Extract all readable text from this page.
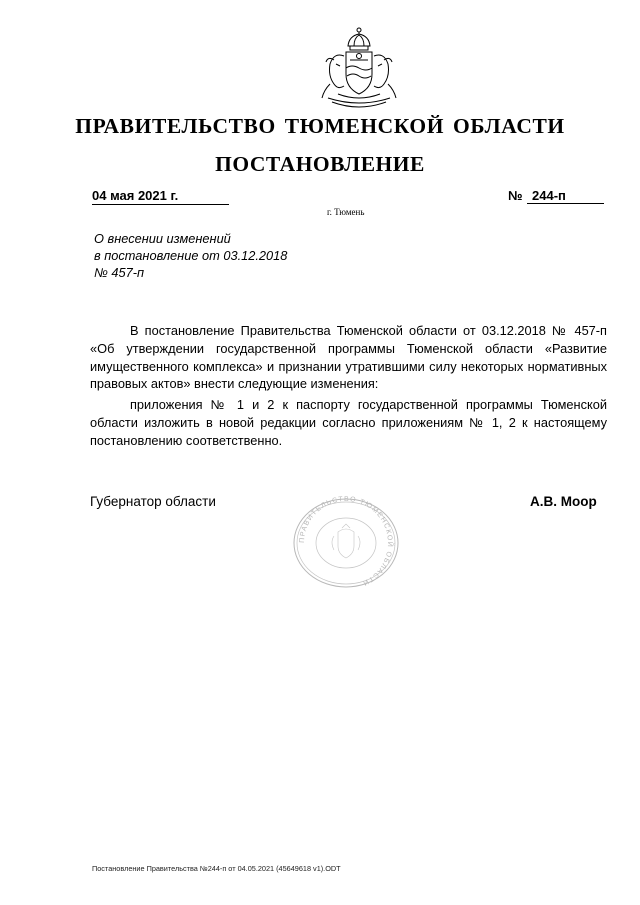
ПРАВИТЕЛЬСТВО ТЮМЕНСКОЙ ОБЛАСТИ
ПОСТАНОВЛЕНИЕ
04 мая 2021 г.	№ 244-п
г. Тюмень
О внесении изменений
в постановление от 03.12.2018
№ 457-п
В постановление Правительства Тюменской области от 03.12.2018 № 457-п «Об утверждении государственной программы Тюменской области «Развитие имущественного комплекса» и признании утратившими силу некоторых нормативных правовых актов» внести следующие изменения:
приложения № 1 и 2 к паспорту государственной программы Тюменской области изложить в новой редакции согласно приложениям № 1, 2 к настоящему постановлению соответственно.
Губернатор области	А.В. Моор
ПРАВИТЕЛЬСТВО ТЮМЕНСКОЙ ОБЛАСТИ
Постановление Правительства №244-п от 04.05.2021 (45649618 v1).ODT
